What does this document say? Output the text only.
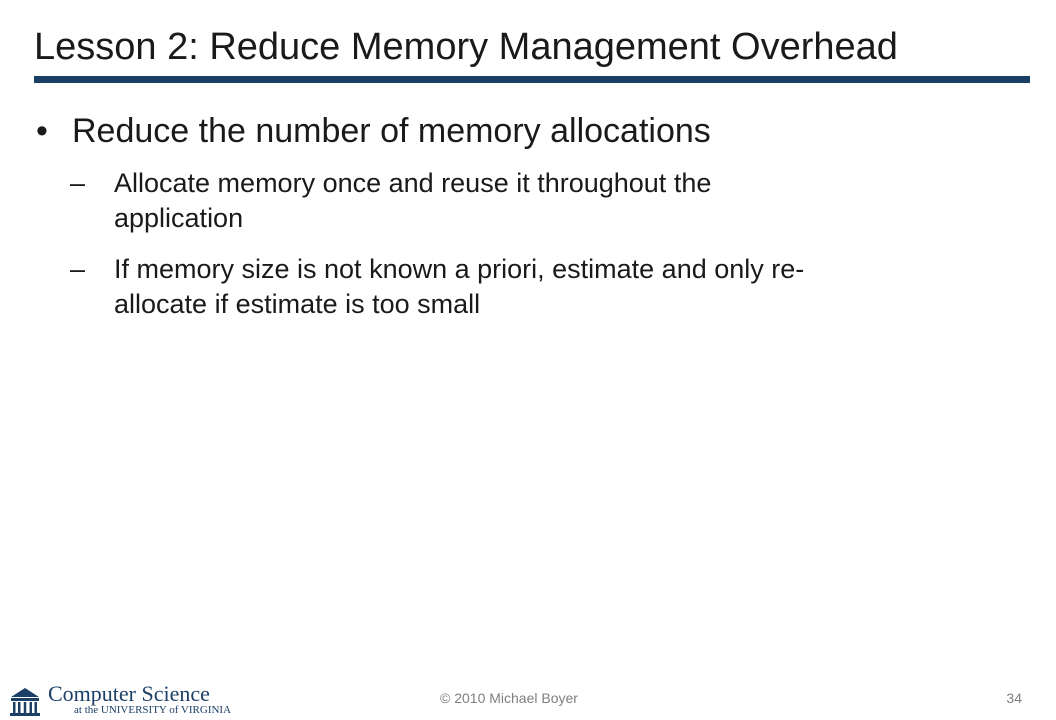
Lesson 2: Reduce Memory Management Overhead
• Reduce the number of memory allocations
– Allocate memory once and reuse it throughout the application
– If memory size is not known a priori, estimate and only re-allocate if estimate is too small
Computer Science
at the UNIVERSITY of VIRGINIA
© 2010 Michael Boyer	34
